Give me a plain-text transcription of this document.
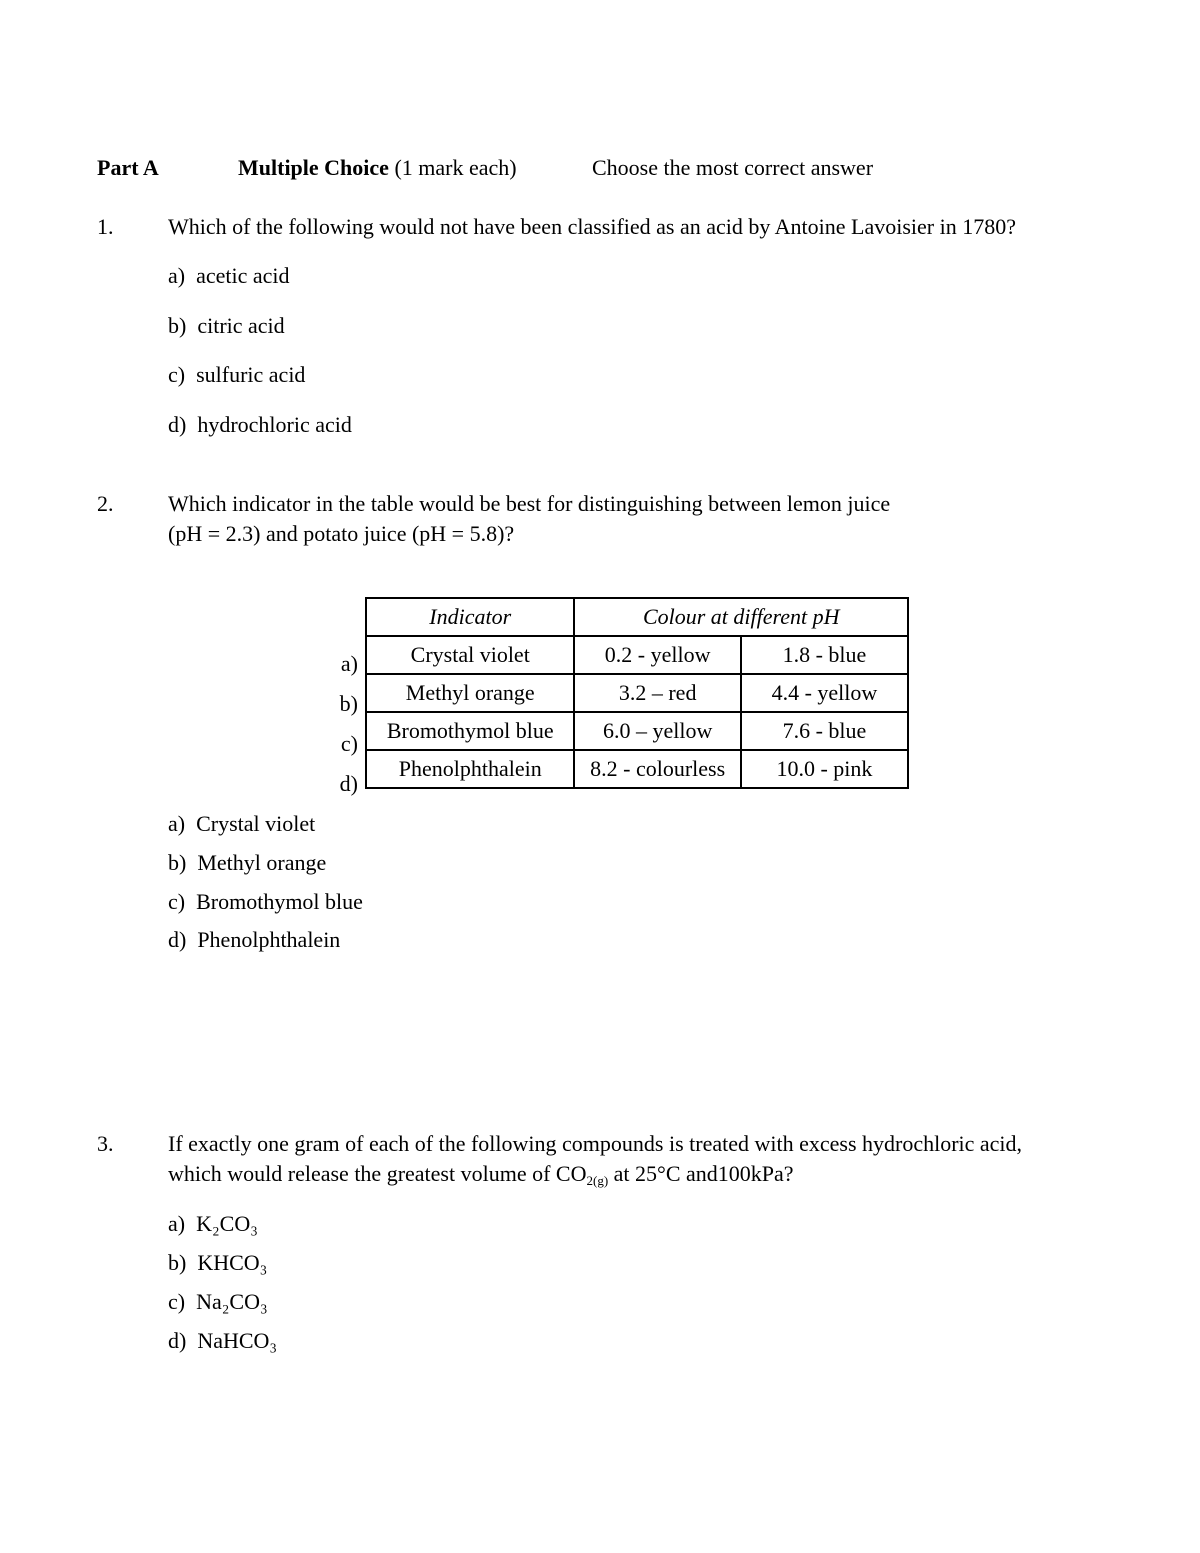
Part A	Multiple Choice (1 mark each)	Choose the most correct answer
1. Which of the following would not have been classified as an acid by Antoine Lavoisier in 1780?
a)  acetic acid
b)  citric acid
c)  sulfuric acid
d)  hydrochloric acid
2. Which indicator in the table would be best for distinguishing between lemon juice
(pH = 2.3) and potato juice (pH = 5.8)?
a)
b)
c)
d)
Indicator	Colour at different pH	
Crystal violet	0.2 - yellow	1.8 - blue
Methyl orange	3.2 – red	4.4 - yellow
Bromothymol blue	6.0 – yellow	7.6 - blue
Phenolphthalein	8.2 - colourless	10.0 - pink
a)  Crystal violet
b)  Methyl orange
c)  Bromothymol blue
d)  Phenolphthalein
3. If exactly one gram of each of the following compounds is treated with excess hydrochloric acid,
which would release the greatest volume of $CO_{2(g)}$ at 25°C and100kPa?
a)  K₂CO₃
b)  KHCO₃
c)  Na₂CO₃
d)  NaHCO₃
